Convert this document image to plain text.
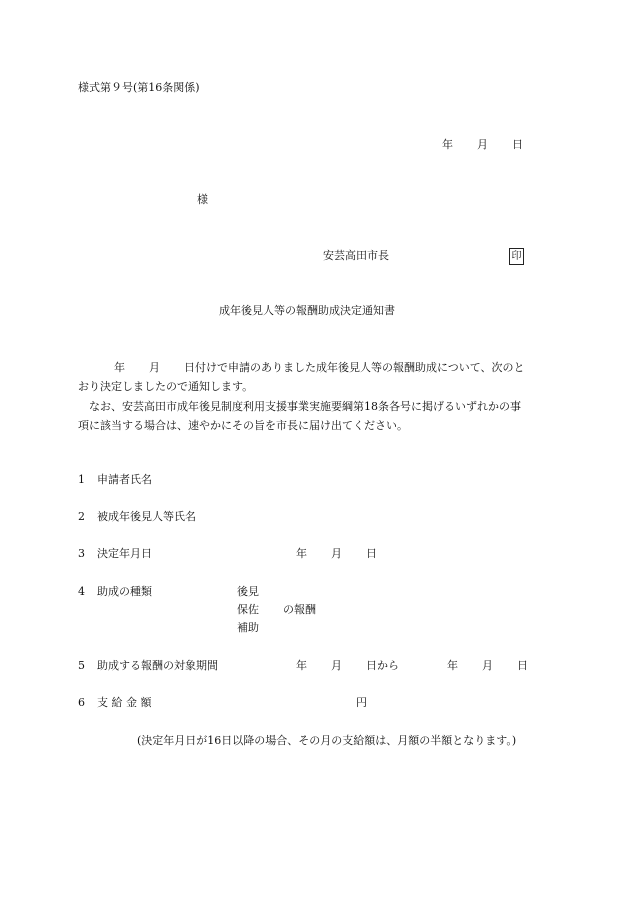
様式第９号(第16条関係)
年 月 日
様
安芸高田市長	印
成年後見人等の報酬助成決定通知書
年 月 日付けで申請のありました成年後見人等の報酬助成について、次のと
おり決定しましたので通知します。
なお、安芸高田市成年後見制度利用支援事業実施要綱第18条各号に掲げるいずれかの事
項に該当する場合は、速やかにその旨を市長に届け出てください。
1 申請者氏名
2 被成年後見人等氏名
3 決定年月日	年 月 日
4 助成の種類	後見
保佐 の報酬
補助
5 助成する報酬の対象期間	年 月 日から	年 月 日
6 支 給 金 額	円
(決定年月日が16日以降の場合、その月の支給額は、月額の半額となります。)
